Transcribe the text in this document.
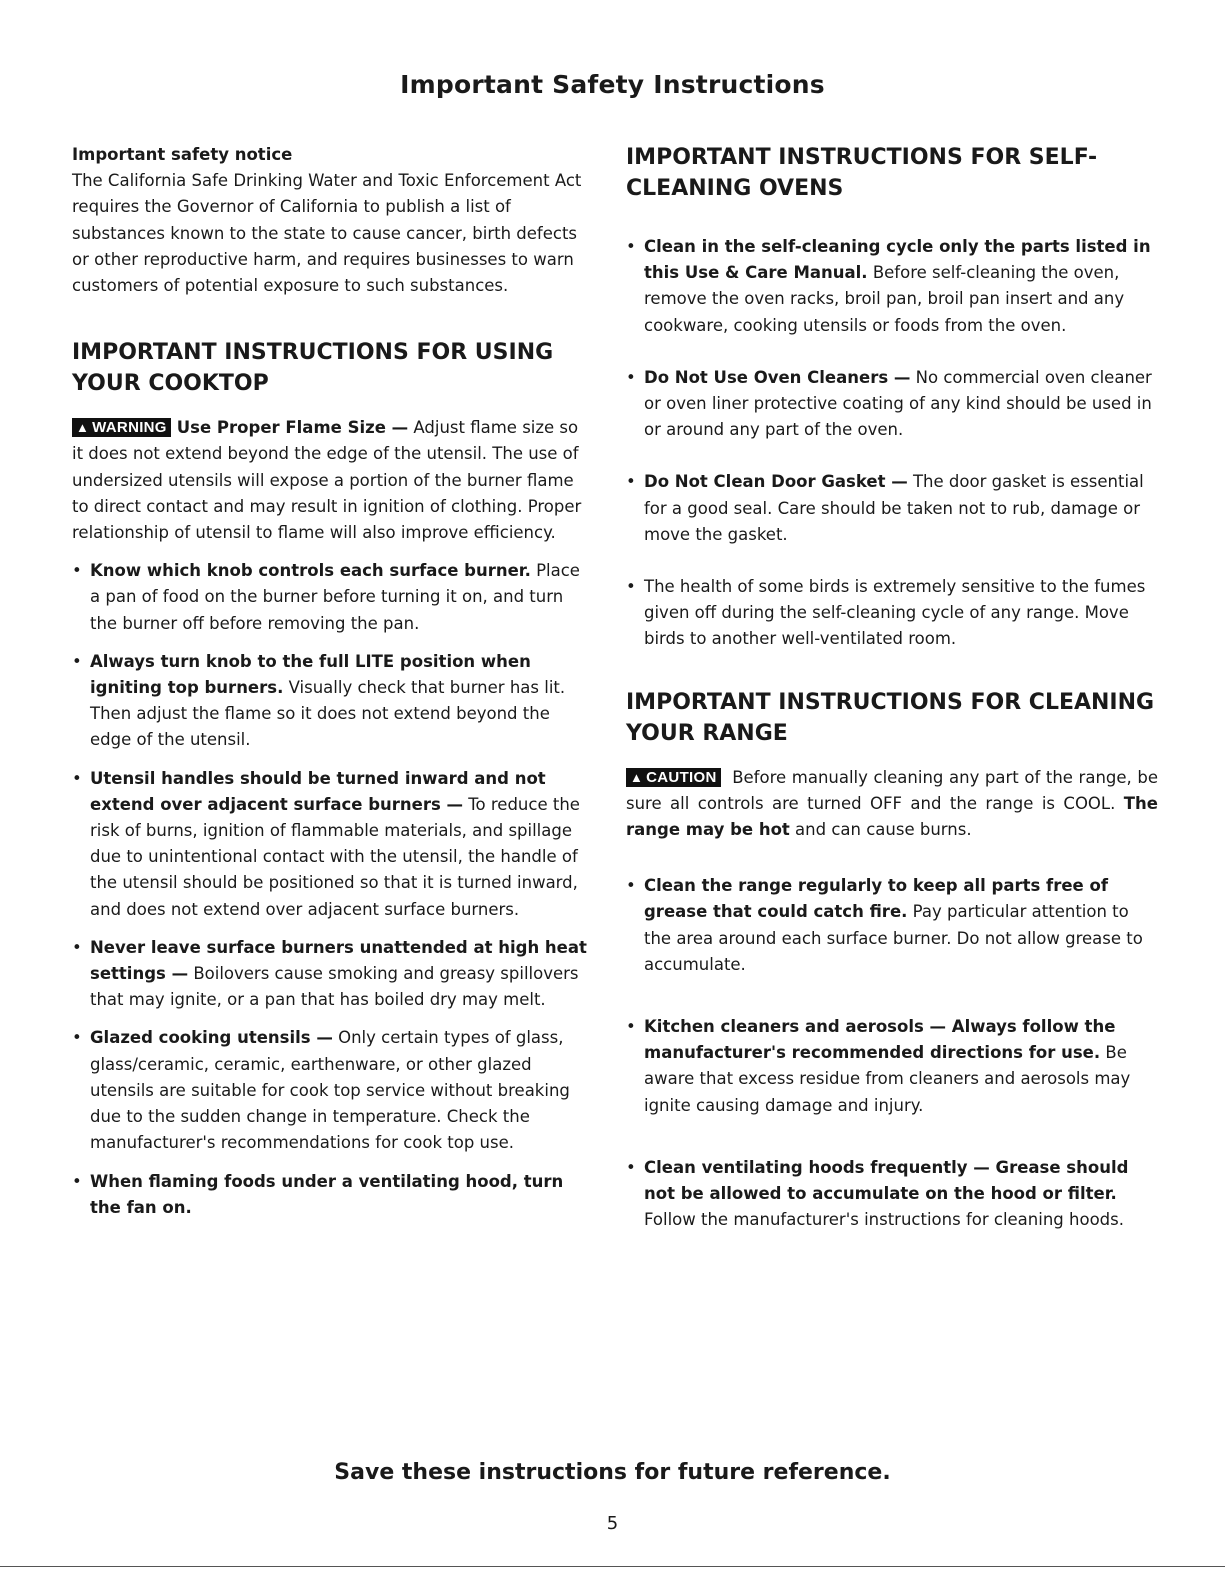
Important Safety Instructions

Important safety notice

The California Safe Drinking Water and Toxic Enforcement Act requires the Governor of California to publish a list of substances known to the state to cause cancer, birth defects or other reproductive harm, and requires businesses to warn customers of potential exposure to such substances.

IMPORTANT INSTRUCTIONS FOR USING YOUR COOKTOP

▲ WARNING Use Proper Flame Size — Adjust flame size so it does not extend beyond the edge of the utensil. The use of undersized utensils will expose a portion of the burner flame to direct contact and may result in ignition of clothing. Proper relationship of utensil to flame will also improve efficiency.

• Know which knob controls each surface burner. Place a pan of food on the burner before turning it on, and turn the burner off before removing the pan.
• Always turn knob to the full LITE position when igniting top burners. Visually check that burner has lit. Then adjust the flame so it does not extend beyond the edge of the utensil.
• Utensil handles should be turned inward and not extend over adjacent surface burners — To reduce the risk of burns, ignition of flammable materials, and spillage due to unintentional contact with the utensil, the handle of the utensil should be positioned so that it is turned inward, and does not extend over adjacent surface burners.
• Never leave surface burners unattended at high heat settings — Boilovers cause smoking and greasy spillovers that may ignite, or a pan that has boiled dry may melt.
• Glazed cooking utensils — Only certain types of glass, glass/ceramic, ceramic, earthenware, or other glazed utensils are suitable for cook top service without breaking due to the sudden change in temperature. Check the manufacturer's recommendations for cook top use.
• When flaming foods under a ventilating hood, turn the fan on.
IMPORTANT INSTRUCTIONS FOR SELF-CLEANING OVENS
• Clean in the self-cleaning cycle only the parts listed in this Use & Care Manual. Before self-cleaning the oven, remove the oven racks, broil pan, broil pan insert and any cookware, cooking utensils or foods from the oven.
• Do Not Use Oven Cleaners — No commercial oven cleaner or oven liner protective coating of any kind should be used in or around any part of the oven.
• Do Not Clean Door Gasket — The door gasket is essential for a good seal. Care should be taken not to rub, damage or move the gasket.
• The health of some birds is extremely sensitive to the fumes given off during the self-cleaning cycle of any range. Move birds to another well-ventilated room.
IMPORTANT INSTRUCTIONS FOR CLEANING YOUR RANGE

▲ CAUTION Before manually cleaning any part of the range, be sure all controls are turned OFF and the range is COOL. The range may be hot and can cause burns.

• Clean the range regularly to keep all parts free of grease that could catch fire. Pay particular attention to the area around each surface burner. Do not allow grease to accumulate.
• Kitchen cleaners and aerosols — Always follow the manufacturer's recommended directions for use. Be aware that excess residue from cleaners and aerosols may ignite causing damage and injury.
• Clean ventilating hoods frequently — Grease should not be allowed to accumulate on the hood or filter. Follow the manufacturer's instructions for cleaning hoods.

Save these instructions for future reference.

5
